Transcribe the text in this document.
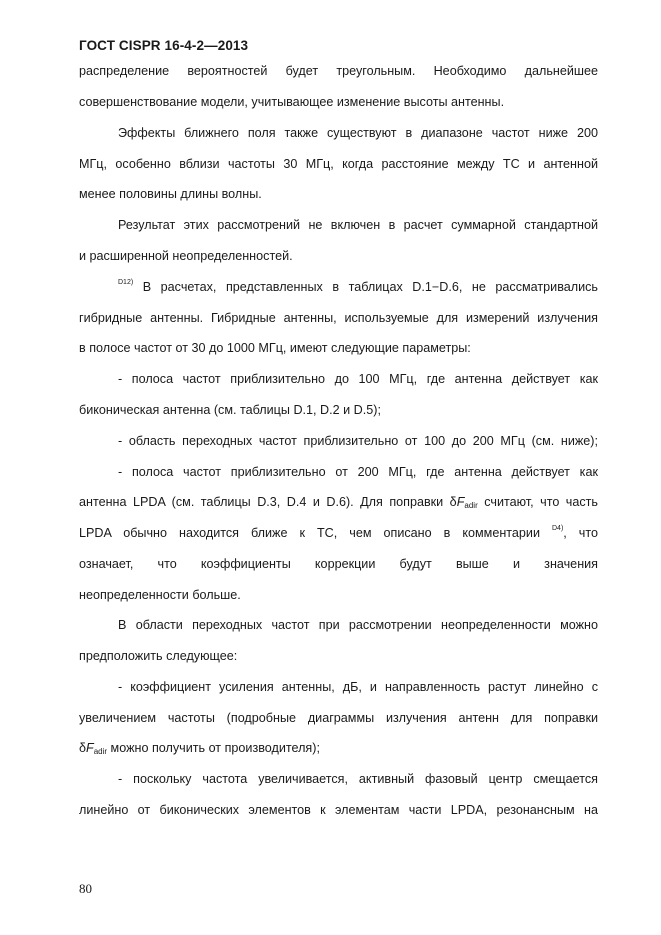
ГОСТ CISPR 16-4-2—2013
распределение вероятностей будет треугольным. Необходимо дальнейшее
совершенствование модели, учитывающее изменение высоты антенны.
Эффекты ближнего поля также существуют в диапазоне частот ниже 200
МГц, особенно вблизи частоты 30 МГц, когда расстояние между ТС и антенной
менее половины длины волны.
Результат этих рассмотрений не включен в расчет суммарной стандартной
и расширенной неопределенностей.
$^{D12)}$ В расчетах, представленных в таблицах D.1−D.6, не рассматривались
гибридные антенны. Гибридные антенны, используемые для измерений излучения
в полосе частот от 30 до 1000 МГц, имеют следующие параметры:
- полоса частот приблизительно до 100 МГц, где антенна действует как
биконическая антенна (см. таблицы D.1, D.2 и D.5);
- область переходных частот приблизительно от 100 до 200 МГц (см. ниже);
- полоса частот приблизительно от 200 МГц, где антенна действует как
антенна LPDA (см. таблицы D.3, D.4 и D.6). Для поправки $\delta F_{adir}$ считают, что часть
LPDA обычно находится ближе к ТС, чем описано в комментарии $^{D4)}$, что
означает, что коэффициенты коррекции будут выше и значения
неопределенности больше.
В области переходных частот при рассмотрении неопределенности можно
предположить следующее:
- коэффициент усиления антенны, дБ, и направленность растут линейно с
увеличением частоты (подробные диаграммы излучения антенн для поправки
$\delta F_{adir}$ можно получить от производителя);
- поскольку частота увеличивается, активный фазовый центр смещается
линейно от биконических элементов к элементам части LPDA, резонансным на
80
